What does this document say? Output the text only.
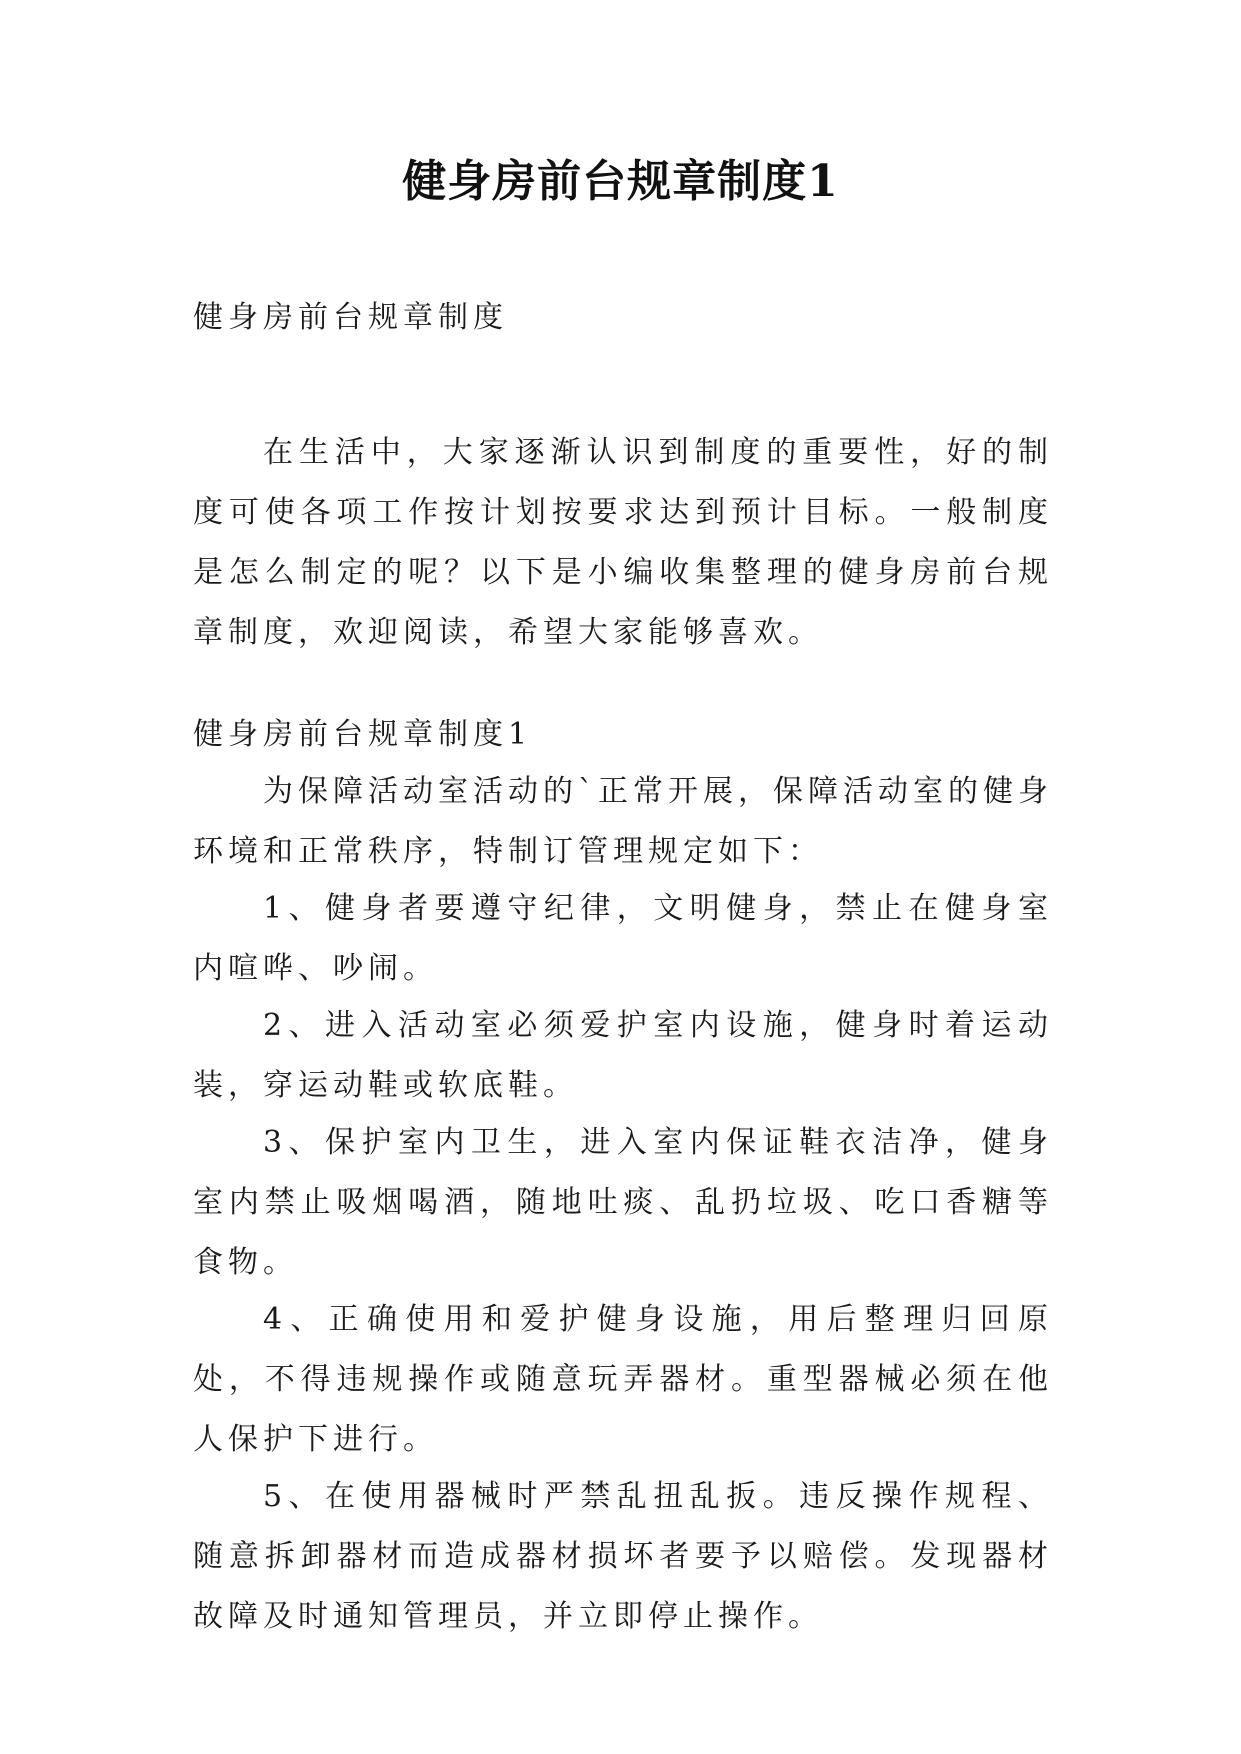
健身房前台规章制度1

健身房前台规章制度

在生活中，大家逐渐认识到制度的重要性，好的制度可使各项工作按计划按要求达到预计目标。一般制度是怎么制定的呢？以下是小编收集整理的健身房前台规章制度，欢迎阅读，希望大家能够喜欢。

健身房前台规章制度1

为保障活动室活动的`正常开展，保障活动室的健身环境和正常秩序，特制订管理规定如下：

1、健身者要遵守纪律，文明健身，禁止在健身室内喧哗、吵闹。

2、进入活动室必须爱护室内设施，健身时着运动装，穿运动鞋或软底鞋。

3、保护室内卫生，进入室内保证鞋衣洁净，健身室内禁止吸烟喝酒，随地吐痰、乱扔垃圾、吃口香糖等食物。

4、正确使用和爱护健身设施，用后整理归回原处，不得违规操作或随意玩弄器材。重型器械必须在他人保护下进行。

5、在使用器械时严禁乱扭乱扳。违反操作规程、随意拆卸器材而造成器材损坏者要予以赔偿。发现器材故障及时通知管理员，并立即停止操作。
